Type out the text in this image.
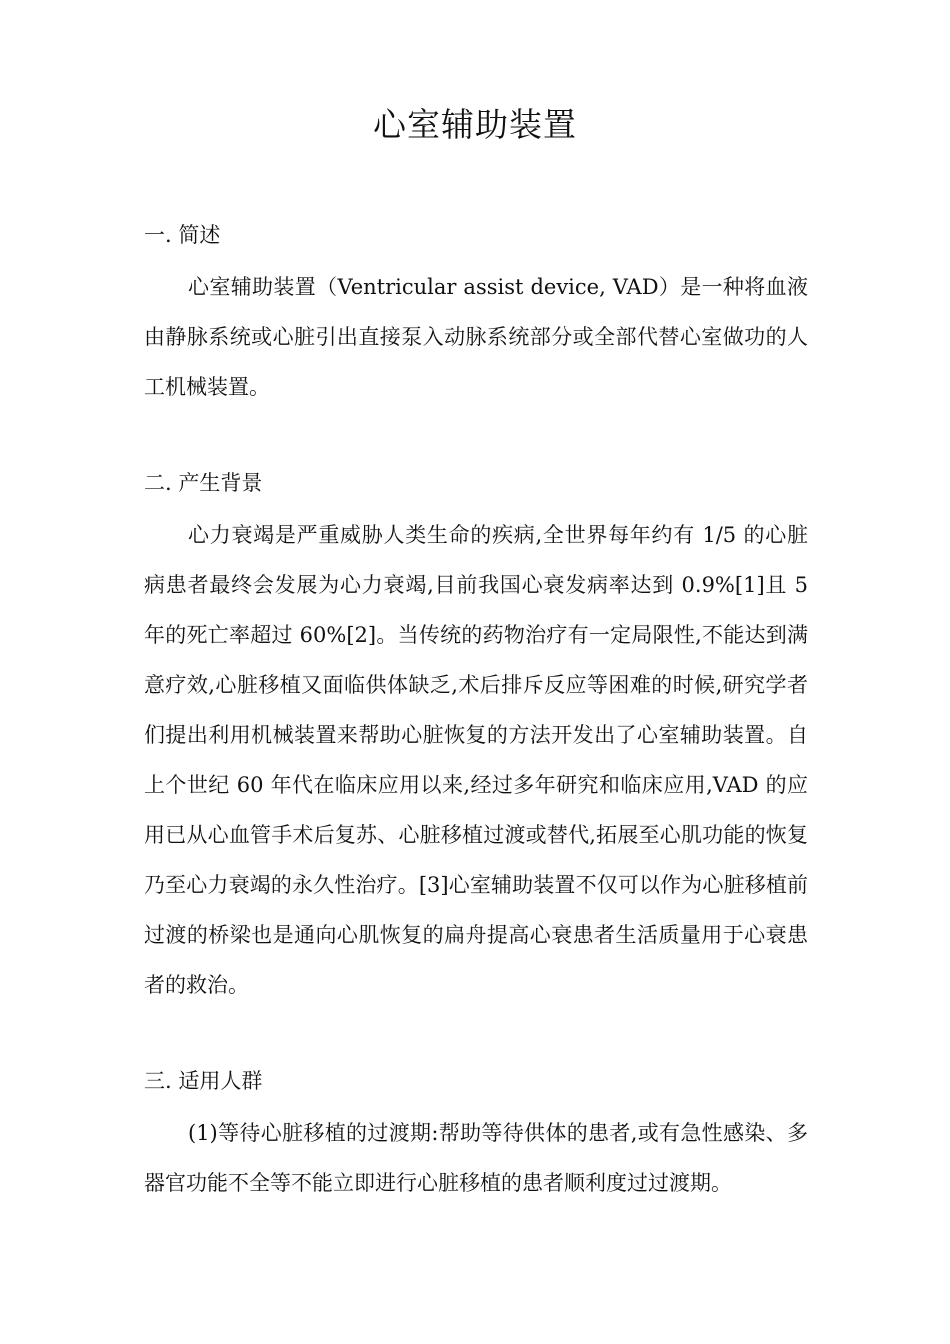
心室辅助装置
一. 简述

心室辅助装置（Ventricular assist device, VAD）是一种将血液由静脉系统或心脏引出直接泵入动脉系统部分或全部代替心室做功的人工机械装置。

二. 产生背景

心力衰竭是严重威胁人类生命的疾病,全世界每年约有 1/5 的心脏病患者最终会发展为心力衰竭,目前我国心衰发病率达到 0.9%[1]且 5 年的死亡率超过 60%[2]。当传统的药物治疗有一定局限性,不能达到满意疗效,心脏移植又面临供体缺乏,术后排斥反应等困难的时候,研究学者们提出利用机械装置来帮助心脏恢复的方法开发出了心室辅助装置。自上个世纪 60 年代在临床应用以来,经过多年研究和临床应用,VAD 的应用已从心血管手术后复苏、心脏移植过渡或替代,拓展至心肌功能的恢复乃至心力衰竭的永久性治疗。[3]心室辅助装置不仅可以作为心脏移植前过渡的桥梁也是通向心肌恢复的扁舟提高心衰患者生活质量用于心衰患者的救治。

三. 适用人群

(1)等待心脏移植的过渡期:帮助等待供体的患者,或有急性感染、多器官功能不全等不能立即进行心脏移植的患者顺利度过过渡期。
